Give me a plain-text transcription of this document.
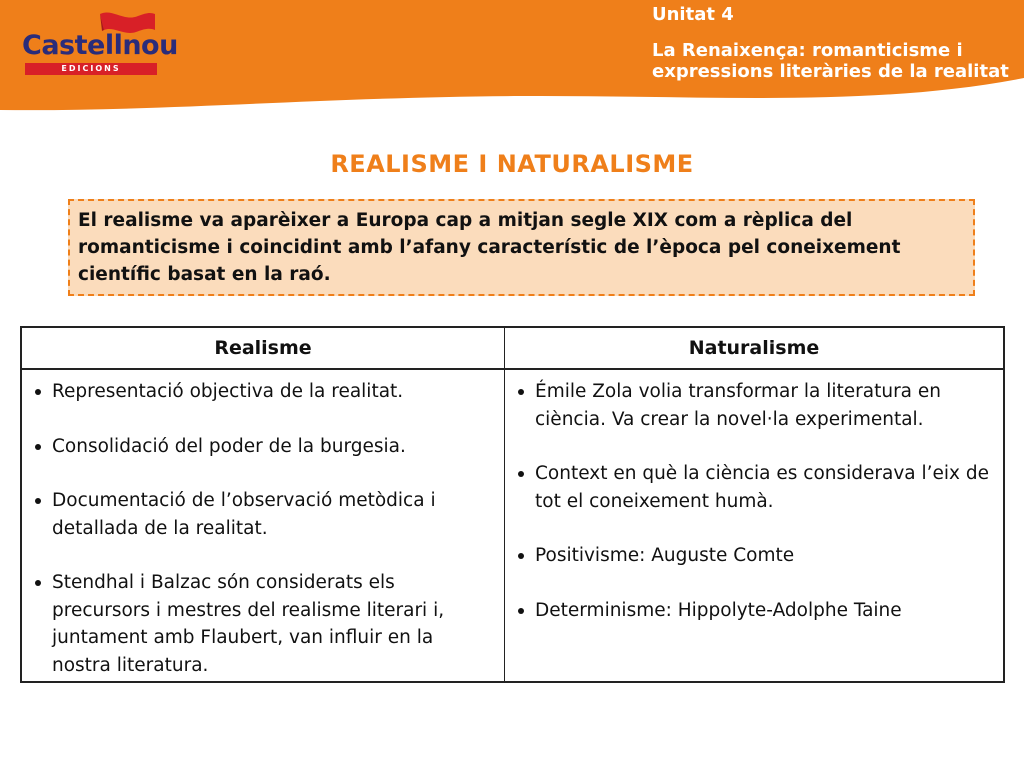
Castellnou
EDICIONS
Unitat 4
La Renaixença: romanticisme i expressions literàries de la realitat
REALISME I NATURALISME
El realisme va aparèixer a Europa cap a mitjan segle XIX com a rèplica del romanticisme i coincidint amb l’afany característic de l’època pel coneixement científic basat en la raó.
Realisme	Naturalisme
Representació objectiva de la realitat.
Consolidació del poder de la burgesia.
Documentació de l’observació metòdica i detallada de la realitat.
Stendhal i Balzac són considerats els precursors i mestres del realisme literari i, juntament amb Flaubert, van influir en la nostra literatura.
Émile Zola volia transformar la literatura en ciència. Va crear la novel·la experimental.
Context en què la ciència es considerava l’eix de tot el coneixement humà.
Positivisme: Auguste Comte
Determinisme: Hippolyte-Adolphe Taine
